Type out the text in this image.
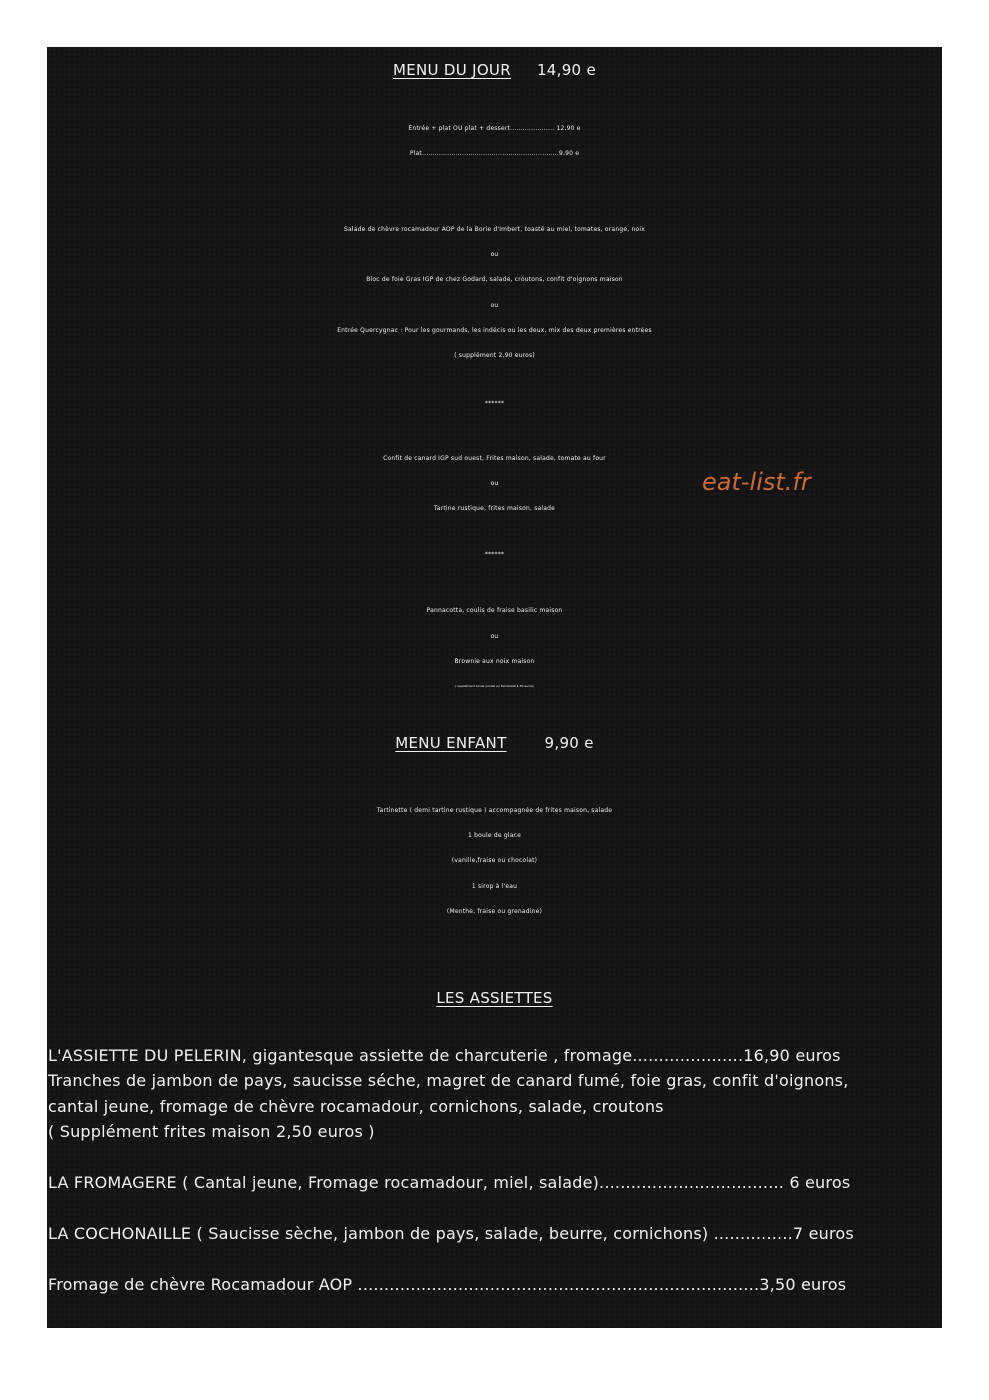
MENU DU JOUR 14,90 e
Entrée + plat OU plat + dessert..................... 12,90 e
Plat.................................................................9,90 e
Salade de chèvre rocamadour AOP de la Borie d'Imbert, toasté au miel, tomates, orange, noix
ou
Bloc de foie Gras IGP de chez Godard, salade, croutons, confit d'oignons maison
ou
Entrée Quercygnac : Pour les gourmands, les indécis ou les deux, mix des deux premières entrées
( supplément 2,90 euros)
******
Confit de canard IGP sud ouest, Frites maison, salade, tomate au four
ou
Tartine rustique, frites maison, salade
eat-list.fr
******
Pannacotta, coulis de fraise basilic maison
ou
Brownie aux noix maison
( supplément boule vanille ou framboise 1,50 euros)
MENU ENFANT	9,90 e
Tartinette ( demi tartine rustique ) accompagnée de frites maison, salade
1 boule de glace
(vanille,fraise ou chocolat)
1 sirop à l'eau
(Menthe, fraise ou grenadine)
LES ASSIETTES
L'ASSIETTE DU PELERIN, gigantesque assiette de charcuterie , fromage.....................16,90 euros
Tranches de jambon de pays, saucisse séche, magret de canard fumé, foie gras, confit d'oignons,
cantal jeune, fromage de chèvre rocamadour, cornichons, salade, croutons
( Supplément frites maison 2,50 euros )
LA FROMAGERE ( Cantal jeune, Fromage rocamadour, miel, salade)................................... 6 euros
LA COCHONAILLE ( Saucisse sèche, jambon de pays, salade, beurre, cornichons) ...............7 euros
Fromage de chèvre Rocamadour AOP ............................................................................3,50 euros
